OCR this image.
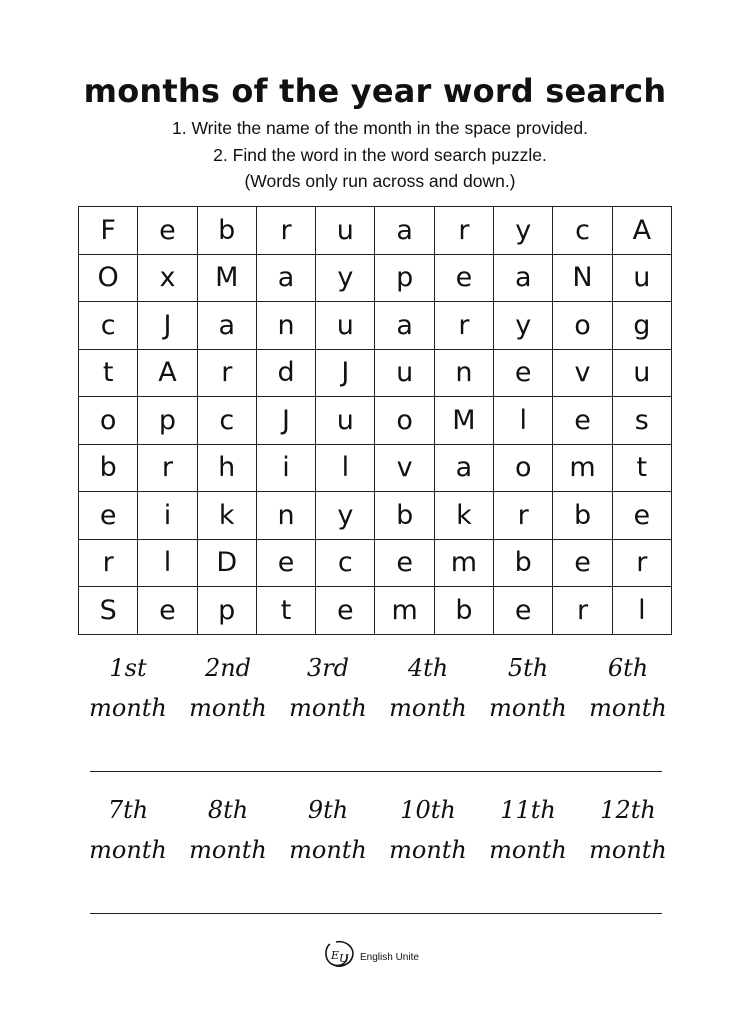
months of the year word search
1. Write the name of the month in the space provided.
2. Find the word in the word search puzzle.
(Words only run across and down.)
F	e	b	r	u	a	r	y	c	A
O	x	M	a	y	p	e	a	N	u
c	J	a	n	u	a	r	y	o	g
t	A	r	d	J	u	n	e	v	u
o	p	c	J	u	o	M	l	e	s
b	r	h	i	l	v	a	o	m	t
e	i	k	n	y	b	k	r	b	e
r	l	D	e	c	e	m	b	e	r
S	e	p	t	e	m	b	e	r	l
1st
month
2nd
month
3rd
month
4th
month
5th
month
6th
month
7th
month
8th
month
9th
month
10th
month
11th
month
12th
month
E U English Unite
